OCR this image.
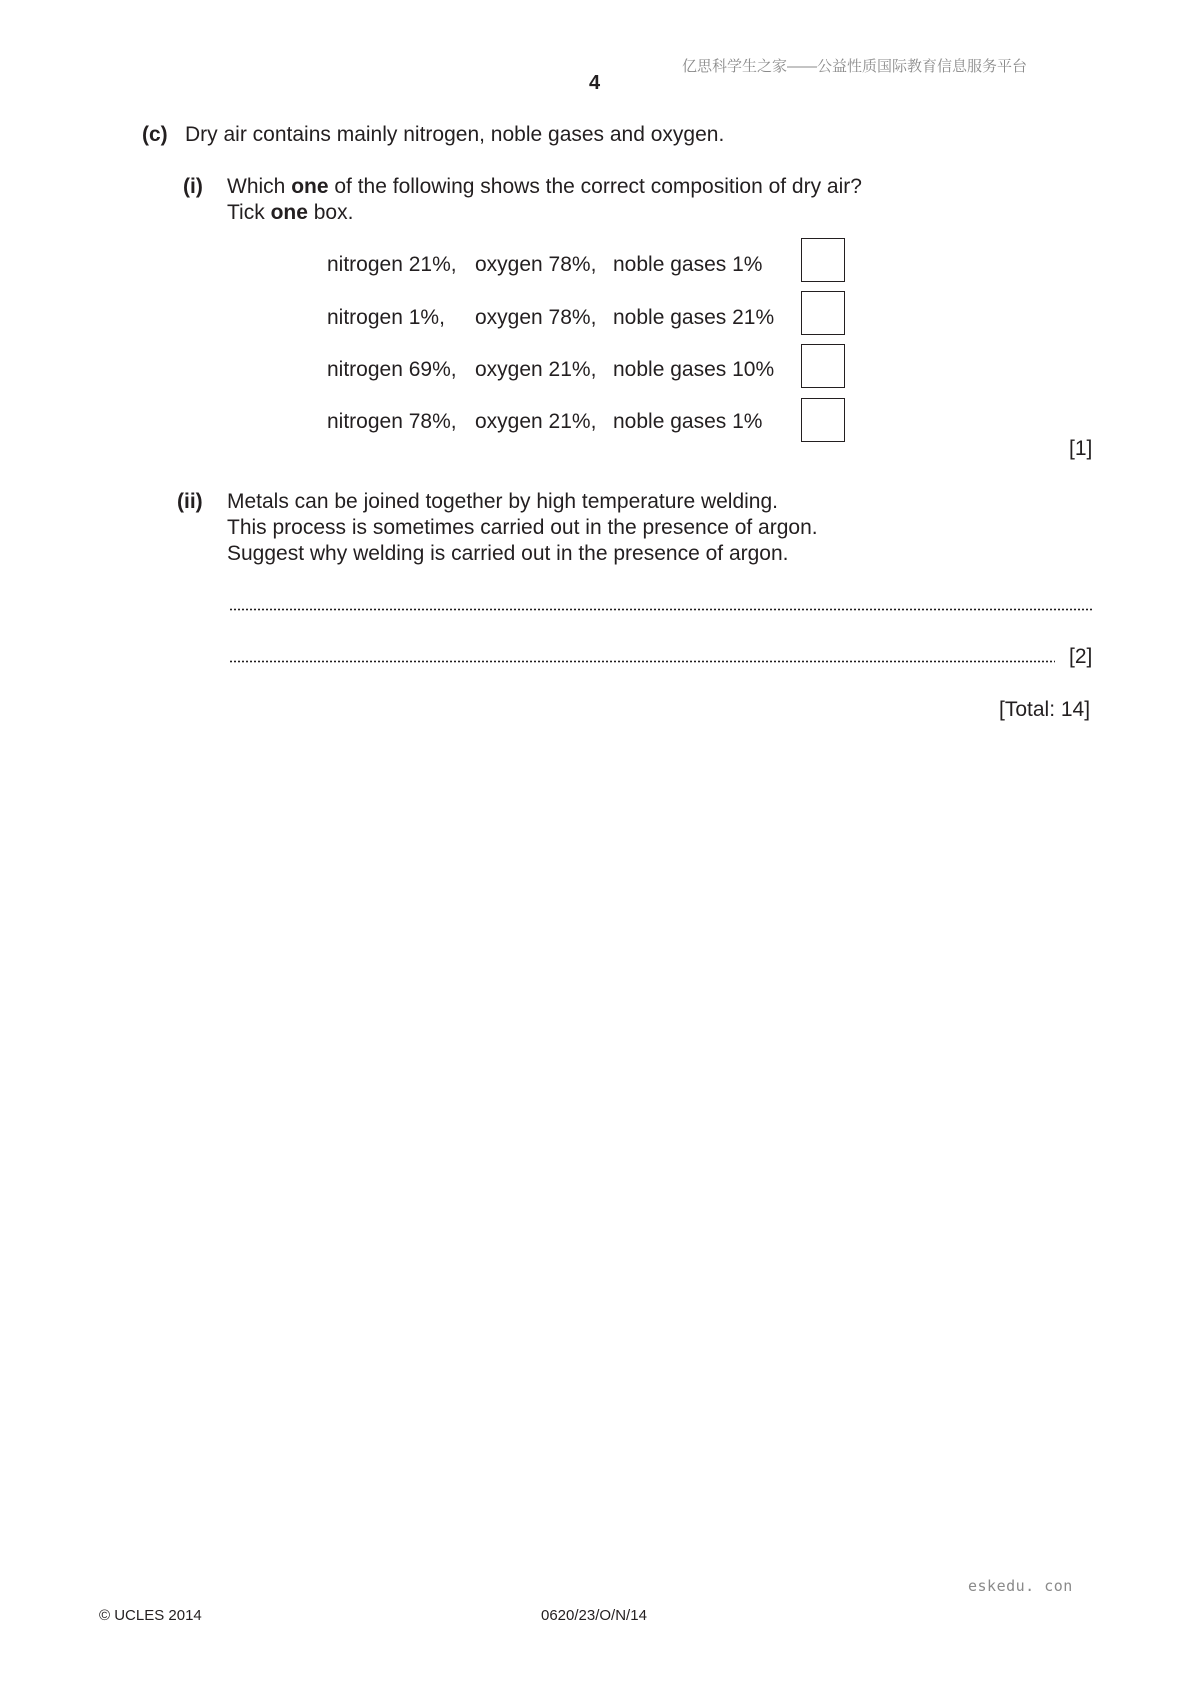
亿思科学生之家——公益性质国际教育信息服务平台
4
(c) Dry air contains mainly nitrogen, noble gases and oxygen.
(i) Which one of the following shows the correct composition of dry air?
Tick one box.
nitrogen 21%, oxygen 78%, noble gases 1%
nitrogen 1%, oxygen 78%, noble gases 21%
nitrogen 69%, oxygen 21%, noble gases 10%
nitrogen 78%, oxygen 21%, noble gases 1%
[1]
(ii) Metals can be joined together by high temperature welding.
This process is sometimes carried out in the presence of argon.
Suggest why welding is carried out in the presence of argon.
[2]
[Total: 14]
eskedu. con
© UCLES 2014	0620/23/O/N/14
